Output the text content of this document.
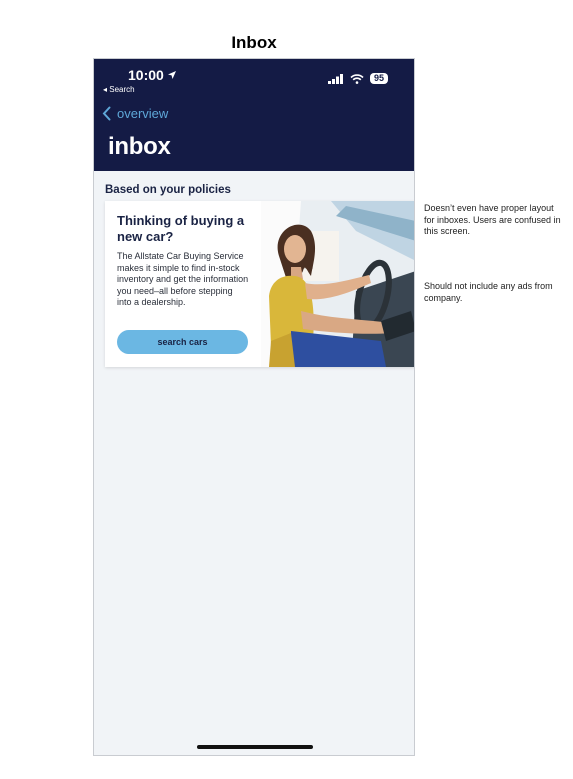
Inbox
10:00
◂ Search
95
overview
inbox
Based on your policies

Thinking of buying a new car?

The Allstate Car Buying Service makes it simple to find in-stock inventory and get the information you need–all before stepping into a dealership.

search cars
Doesn’t even have proper layout for inboxes. Users are confused in this screen.
Should not include any ads from company.
